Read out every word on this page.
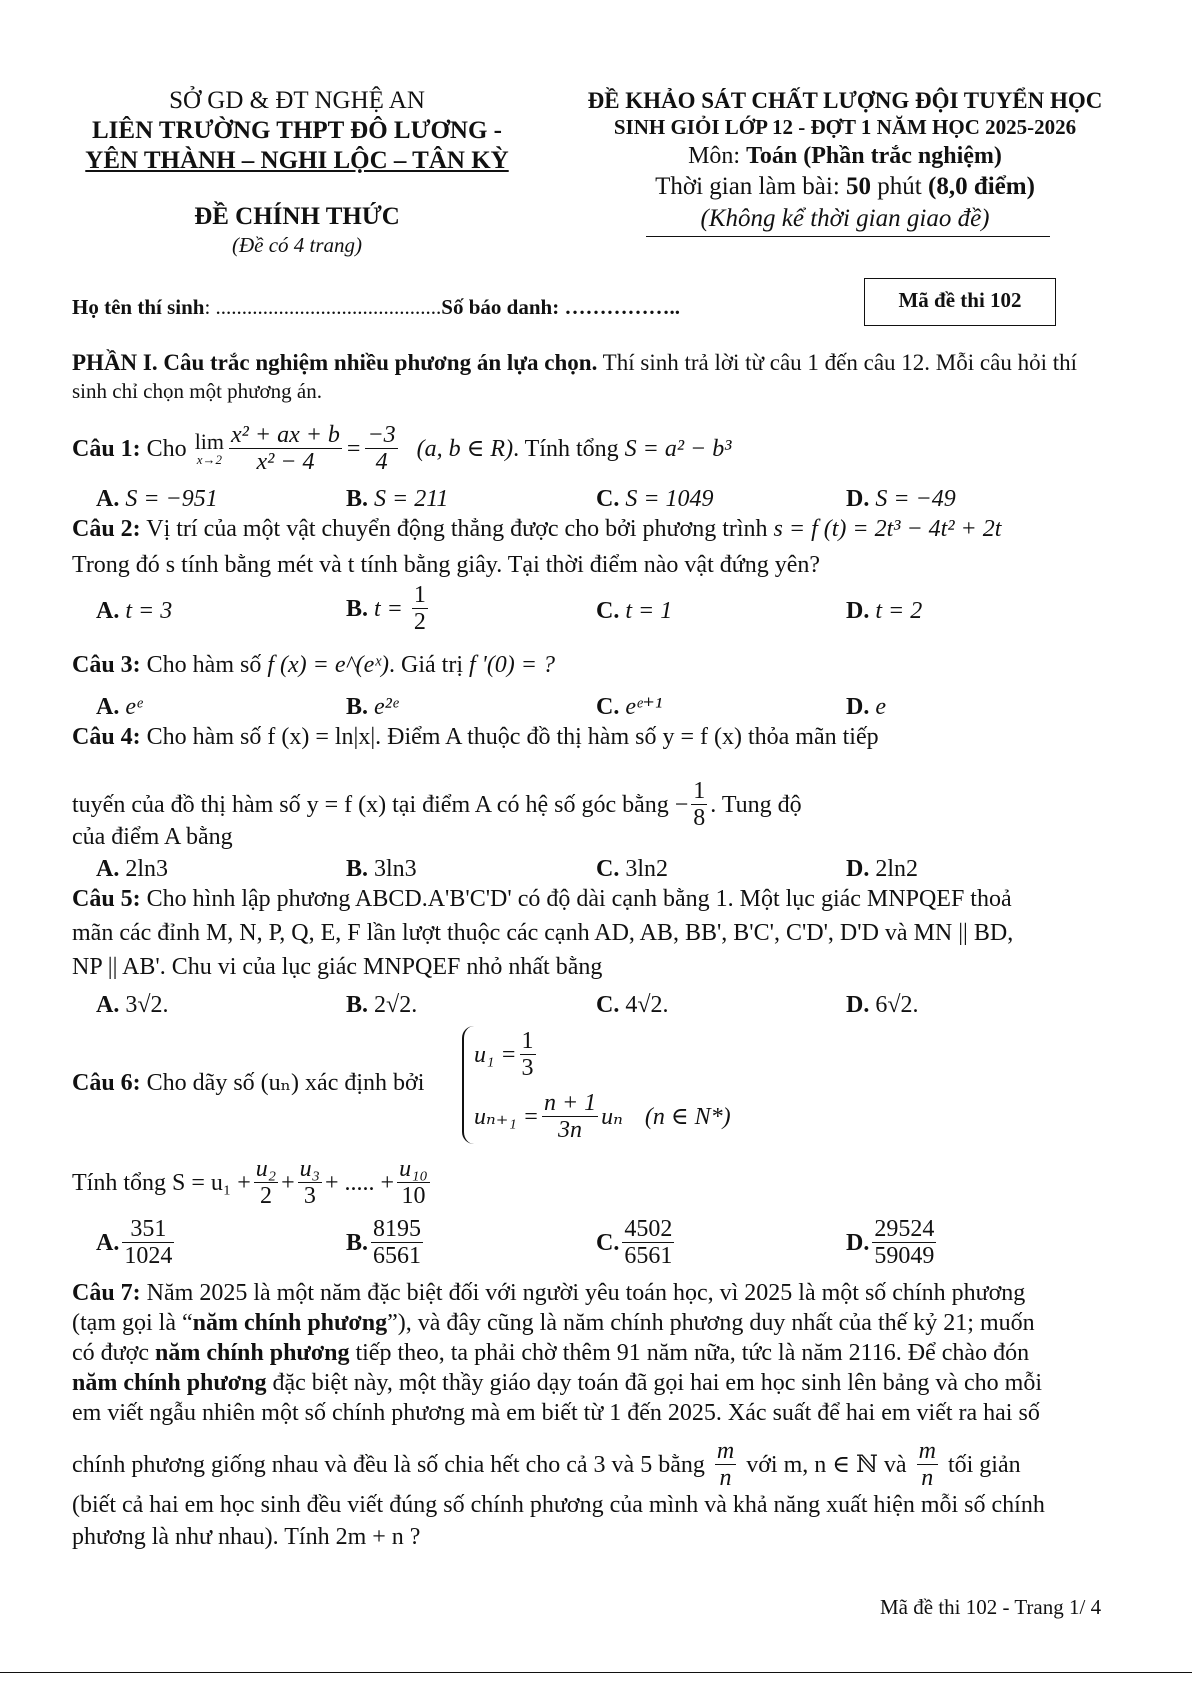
SỞ GD & ĐT NGHỆ AN
LIÊN TRƯỜNG THPT ĐÔ LƯƠNG -
YÊN THÀNH – NGHI LỘC – TÂN KỲ
ĐỀ CHÍNH THỨC
(Đề có 4 trang)
ĐỀ KHẢO SÁT CHẤT LƯỢNG ĐỘI TUYỂN HỌC
SINH GIỎI LỚP 12 - ĐỢT 1 NĂM HỌC 2025-2026
Môn: Toán (Phần trắc nghiệm)
Thời gian làm bài: 50 phút (8,0 điểm)
(Không kể thời gian giao đề)
Họ tên thí sinh: ...........................................Số báo danh: ……………..	Mã đề thi 102
PHẦN I. Câu trắc nghiệm nhiều phương án lựa chọn. Thí sinh trả lời từ câu 1 đến câu 12. Mỗi câu hỏi thí
sinh chỉ chọn một phương án.
Câu 1: Cho lim
$x\to 2 \frac{\text{x² + ax + b}}{\text{x² − 4}} = \frac{-3}{4} (a$, b ∈ R) . Tính tổng S = a² − b³
A. S = −951	B. S = 211	C. S = 1049	D. S = −49
Câu 2: Vị trí của một vật chuyển động thẳng được cho bởi phương trình s = f (t) = 2t³ − 4t² + 2t
Trong đó s tính bằng mét và t tính bằng giây. Tại thời điểm nào vật đứng yên?
A. t = 3	B.
$t = \frac{1}{2}$	C. t = 1	D. t = 2
Câu 3: Cho hàm số f (x) = e^(eˣ). Giá trị f '(0) = ?
A. eᵉ	B. e²ᵉ	C. eᵉ⁺¹	D. e
Câu 4: Cho hàm số f (x) = ln|x|. Điểm A thuộc đồ thị hàm số y = f (x) thỏa mãn tiếp
tuyến của đồ thị hàm số y = f (x) tại điểm A có hệ số góc bằng − $\frac{1}{8}$ . Tung độ
của điểm A bằng
A. 2ln3	B. 3ln3	C. 3ln2	D. 2ln2
Câu 5: Cho hình lập phương ABCD.A'B'C'D' có độ dài cạnh bằng 1. Một lục giác MNPQEF thoả
mãn các đỉnh M, N, P, Q, E, F lần lượt thuộc các cạnh AD, AB, BB', B'C', C'D', D'D và MN || BD,
NP || AB'. Chu vi của lục giác MNPQEF nhỏ nhất bằng
A. 3√2.	B. 2√2.	C. 4√2.	D. 6√2.
Câu 6: Cho dãy số (uₙ) xác định bởi
$u_1 = \frac{1}{3}$
$u_{n+1} = \frac{n + 1}{3n}$ uₙ (n ∈ N*)
Tính tổng $S = u_1 + \frac{\text{u₂}}{2} + \frac{\text{u₃}}{3}$ + ..... + $\frac{\text{u₁₀}}{10}$
A. $\frac{351}{1024}$	B. $\frac{8195}{6561}$	C. $\frac{4502}{6561}$	D. $\frac{29524}{59049}$
Câu 7: Năm 2025 là một năm đặc biệt đối với người yêu toán học, vì 2025 là một số chính phương
(tạm gọi là “năm chính phương”), và đây cũng là năm chính phương duy nhất của thế kỷ 21; muốn
có được năm chính phương tiếp theo, ta phải chờ thêm 91 năm nữa, tức là năm 2116. Để chào đón
năm chính phương đặc biệt này, một thầy giáo dạy toán đã gọi hai em học sinh lên bảng và cho mỗi
em viết ngẫu nhiên một số chính phương mà em biết từ 1 đến 2025. Xác suất để hai em viết ra hai số
chính phương giống nhau và đều là số chia hết cho cả 3 và 5 bằng $\frac{m}{n}$ với m, n ∈ ℕ và $\frac{m}{n}$ tối giản
(biết cả hai em học sinh đều viết đúng số chính phương của mình và khả năng xuất hiện mỗi số chính
phương là như nhau). Tính 2m + n ?
Mã đề thi 102 - Trang 1/ 4
